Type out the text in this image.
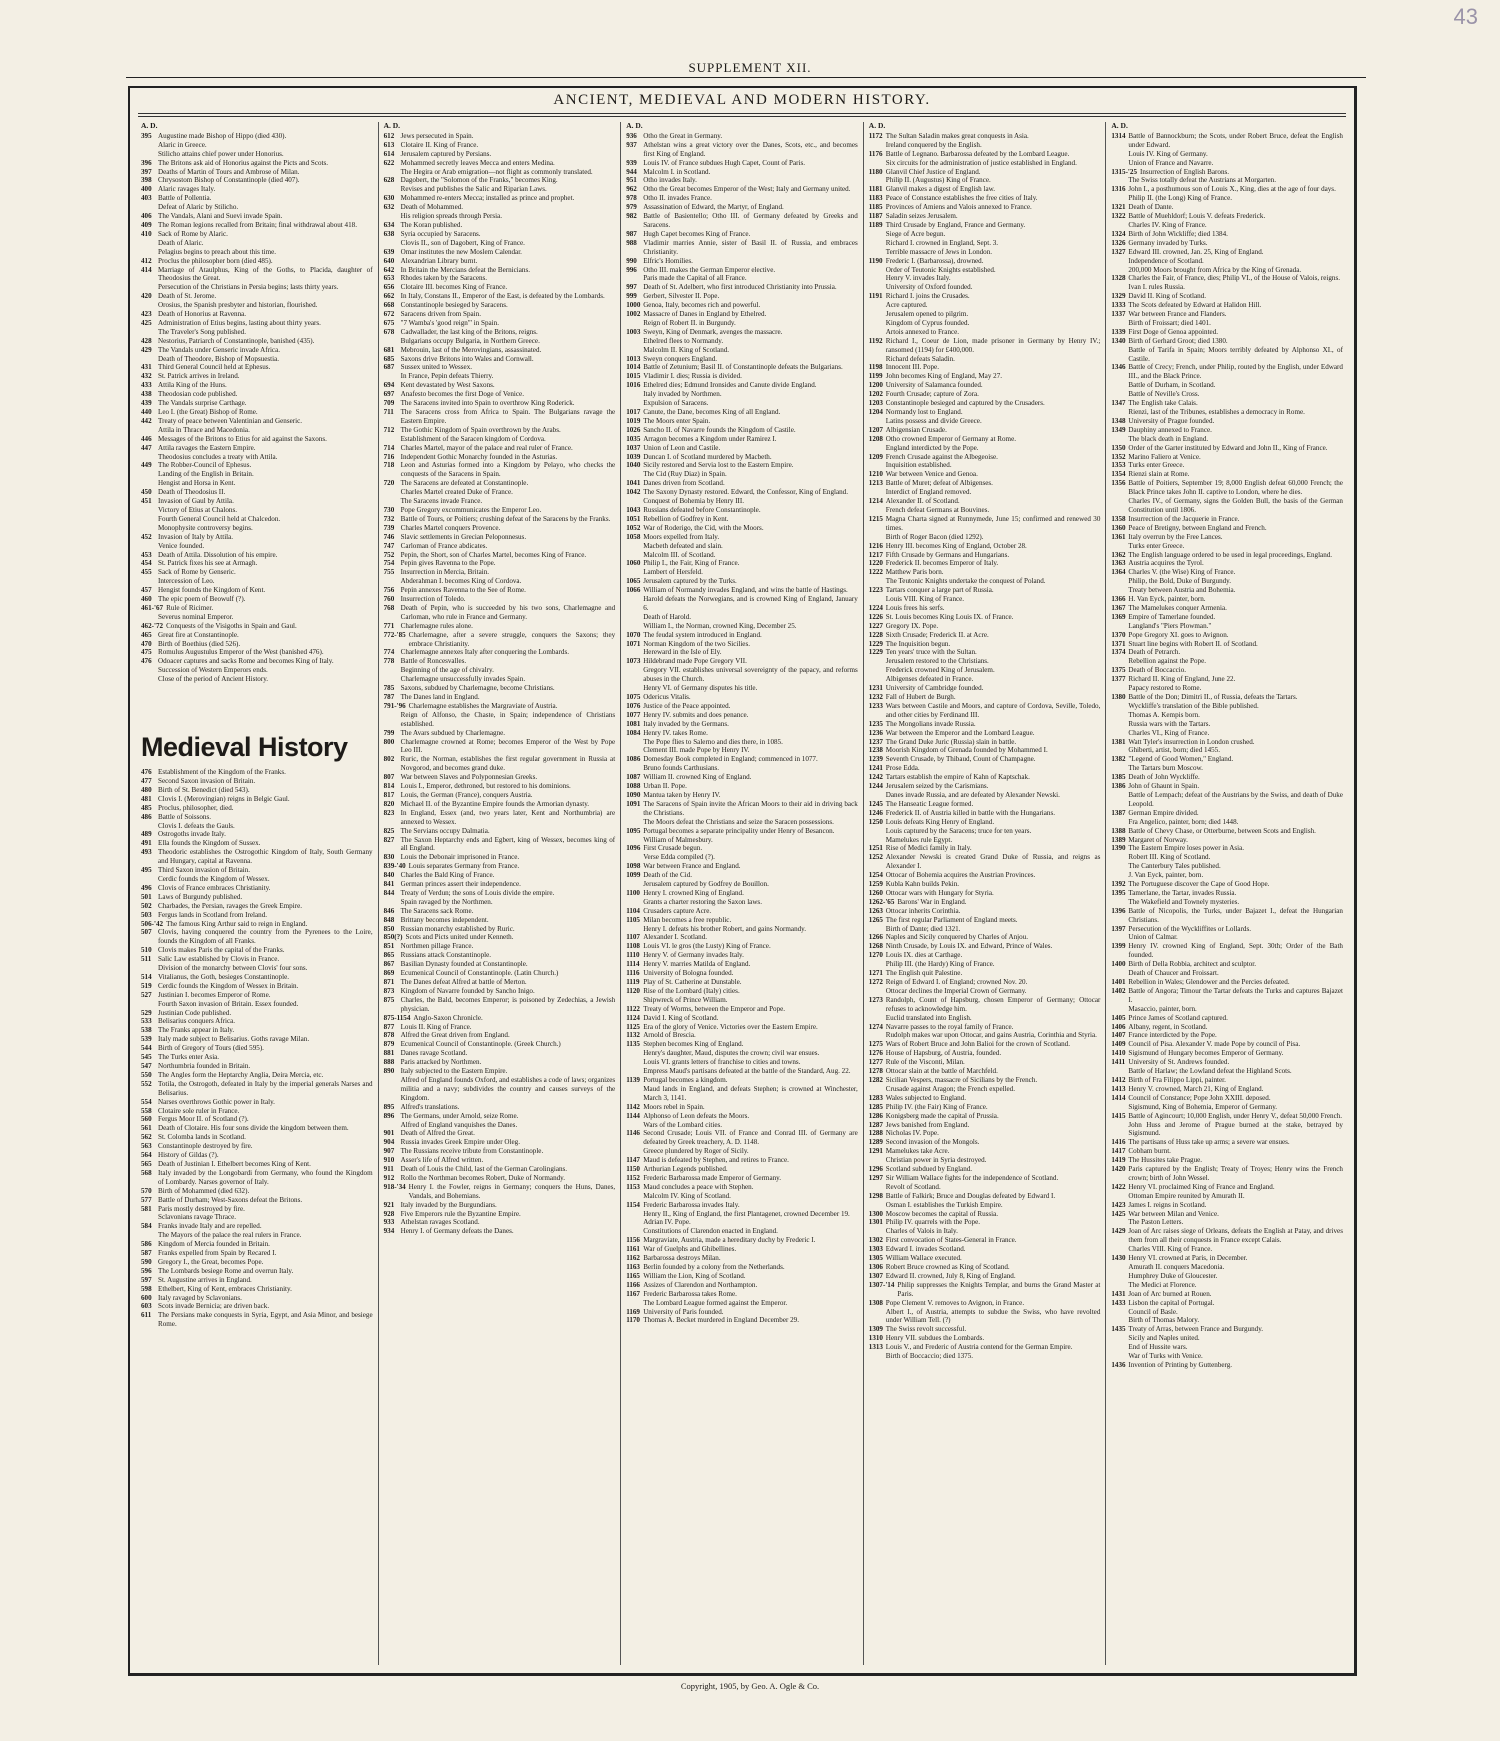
43
SUPPLEMENT XII.
ANCIENT, MEDIEVAL AND MODERN HISTORY.
A. D.
395 Augustine made Bishop of Hippo (died 430).
Alaric in Greece.
Stilicho attains chief power under Honorius.
396 The Britons ask aid of Honorius against the Picts and Scots.
397 Deaths of Martin of Tours and Ambrose of Milan.
398 Chrysostom Bishop of Constantinople (died 407).
400 Alaric ravages Italy.
403 Battle of Pollentia.
Defeat of Alaric by Stilicho.
406 The Vandals, Alani and Suevi invade Spain.
409 The Roman legions recalled from Britain; final withdrawal about 418.
410 Sack of Rome by Alaric.
Death of Alaric.
Pelagius begins to preach about this time.
412 Proclus the philosopher born (died 485).
414 Marriage of Ataulphus, King of the Goths, to Placida, daughter of Theodosius the Great.
Persecution of the Christians in Persia begins; lasts thirty years.
420 Death of St. Jerome.
Orosius, the Spanish presbyter and historian, flourished.
423 Death of Honorius at Ravenna.
425 Administration of Etius begins, lasting about thirty years.
The Traveler's Song published.
428 Nestorius, Patriarch of Constantinople, banished (435).
429 The Vandals under Genseric invade Africa.
Death of Theodore, Bishop of Mopsuestia.
431 Third General Council held at Ephesus.
432 St. Patrick arrives in Ireland.
433 Attila King of the Huns.
438 Theodosian code published.
439 The Vandals surprise Carthage.
440 Leo I. (the Great) Bishop of Rome.
442 Treaty of peace between Valentinian and Genseric.
Attila in Thrace and Macedonia.
446 Messages of the Britons to Etius for aid against the Saxons.
447 Attila ravages the Eastern Empire.
Theodosius concludes a treaty with Attila.
449 The Robber-Council of Ephesus.
Landing of the English in Britain.
Hengist and Horsa in Kent.
450 Death of Theodosius II.
451 Invasion of Gaul by Attila.
Victory of Etius at Chalons.
Fourth General Council held at Chalcedon.
Monophysite controversy begins.
452 Invasion of Italy by Attila.
Venice founded.
453 Death of Attila. Dissolution of his empire.
454 St. Patrick fixes his see at Armagh.
455 Sack of Rome by Genseric.
Intercession of Leo.
457 Hengist founds the Kingdom of Kent.
460 The epic poem of Beowulf (?).
461-'67 Rule of Ricimer.
Severus nominal Emperor.
462-'72 Conquests of the Visigoths in Spain and Gaul.
465 Great fire at Constantinople.
470 Birth of Boethius (died 526).
475 Romulus Augustulus Emperor of the West (banished 476).
476 Odoacer captures and sacks Rome and becomes King of Italy.
Succession of Western Emperors ends.
Close of the period of Ancient History.
Medieval History
476 Establishment of the Kingdom of the Franks.
477 Second Saxon invasion of Britain.
480 Birth of St. Benedict (died 543).
481 Clovis I. (Merovingian) reigns in Belgic Gaul.
485 Proclus, philosopher, died.
486 Battle of Soissons.
Clovis I. defeats the Gauls.
489 Ostrogoths invade Italy.
491 Ella founds the Kingdom of Sussex.
493 Theodoric establishes the Ostrogothic Kingdom of Italy, South Germany and Hungary, capital at Ravenna.
495 Third Saxon invasion of Britain.
Cerdic founds the Kingdom of Wessex.
496 Clovis of France embraces Christianity.
501 Laws of Burgundy published.
502 Charbades, the Persian, ravages the Greek Empire.
503 Fergus lands in Scotland from Ireland.
506-'42 The famous King Arthur said to reign in England.
507 Clovis, having conquered the country from the Pyrenees to the Loire, founds the Kingdom of all Franks.
510 Clovis makes Paris the capital of the Franks.
511 Salic Law established by Clovis in France.
Division of the monarchy between Clovis' four sons.
514 Vitalianus, the Goth, besieges Constantinople.
519 Cerdic founds the Kingdom of Wessex in Britain.
527 Justinian I. becomes Emperor of Rome.
Fourth Saxon invasion of Britain. Essex founded.
529 Justinian Code published.
533 Belisarius conquers Africa.
538 The Franks appear in Italy.
539 Italy made subject to Belisarius. Goths ravage Milan.
544 Birth of Gregory of Tours (died 595).
545 The Turks enter Asia.
547 Northumbria founded in Britain.
550 The Angles form the Heptarchy Anglia, Deira Mercia, etc.
552 Totila, the Ostrogoth, defeated in Italy by the imperial generals Narses and Belisarius.
554 Narses overthrows Gothic power in Italy.
558 Clotaire sole ruler in France.
560 Fergus Moor II. of Scotland (?).
561 Death of Clotaire. His four sons divide the kingdom between them.
562 St. Colomba lands in Scotland.
563 Constantinople destroyed by fire.
564 History of Gildas (?).
565 Death of Justinian I. Ethelbert becomes King of Kent.
568 Italy invaded by the Longobardi from Germany, who found the Kingdom of Lombardy. Narses governor of Italy.
570 Birth of Mohammed (died 632).
577 Battle of Durham; West-Saxons defeat the Britons.
581 Paris mostly destroyed by fire.
Sclavonians ravage Thrace.
584 Franks invade Italy and are repelled.
The Mayors of the palace the real rulers in France.
586 Kingdom of Mercia founded in Britain.
587 Franks expelled from Spain by Recared I.
590 Gregory I., the Great, becomes Pope.
596 The Lombards besiege Rome and overrun Italy.
597 St. Augustine arrives in England.
598 Ethelbert, King of Kent, embraces Christianity.
600 Italy ravaged by Sclavonians.
603 Scots invade Bernicia; are driven back.
611 The Persians make conquests in Syria, Egypt, and Asia Minor, and besiege Rome.
A. D.
612 Jews persecuted in Spain.
613 Clotaire II. King of France.
614 Jerusalem captured by Persians.
622 Mohammed secretly leaves Mecca and enters Medina.
The Hegira or Arab emigration—not flight as commonly translated.
628 Dagobert, the "Solomon of the Franks," becomes King.
Revises and publishes the Salic and Riparian Laws.
630 Mohammed re-enters Mecca; installed as prince and prophet.
632 Death of Mohammed.
His religion spreads through Persia.
634 The Koran published.
638 Syria occupied by Saracens.
Clovis II., son of Dagobert, King of France.
639 Omar institutes the new Moslem Calendar.
640 Alexandrian Library burnt.
642 In Britain the Mercians defeat the Bernicians.
653 Rhodes taken by the Saracens.
656 Clotaire III. becomes King of France.
662 In Italy, Constans II., Emperor of the East, is defeated by the Lombards.
668 Constantinople besieged by Saracens.
672 Saracens driven from Spain.
675 "7 Wamba's 'good reign'" in Spain.
678 Cadwallader, the last king of the Britons, reigns.
Bulgarians occupy Bulgaria, in Northern Greece.
681 Mebrouin, last of the Merovingians, assassinated.
685 Saxons drive Britons into Wales and Cornwall.
687 Sussex united to Wessex.
In France, Pepin defeats Thierry.
694 Kent devastated by West Saxons.
697 Anafesto becomes the first Doge of Venice.
709 The Saracens invited into Spain to overthrow King Roderick.
711 The Saracens cross from Africa to Spain. The Bulgarians ravage the Eastern Empire.
712 The Gothic Kingdom of Spain overthrown by the Arabs.
Establishment of the Saracen kingdom of Cordova.
714 Charles Martel, mayor of the palace and real ruler of France.
716 Independent Gothic Monarchy founded in the Asturias.
718 Leon and Asturias formed into a Kingdom by Pelayo, who checks the conquests of the Saracens in Spain.
720 The Saracens are defeated at Constantinople.
Charles Martel created Duke of France.
The Saracens invade France.
730 Pope Gregory excommunicates the Emperor Leo.
732 Battle of Tours, or Poitiers; crushing defeat of the Saracens by the Franks.
739 Charles Martel conquers Provence.
746 Slavic settlements in Grecian Peloponnesus.
747 Carloman of France abdicates.
752 Pepin, the Short, son of Charles Martel, becomes King of France.
754 Pepin gives Ravenna to the Pope.
755 Insurrection in Mercia, Britain.
Abderahman I. becomes King of Cordova.
756 Pepin annexes Ravenna to the See of Rome.
760 Insurrection of Toledo.
768 Death of Pepin, who is succeeded by his two sons, Charlemagne and Carloman, who rule in France and Germany.
771 Charlemagne rules alone.
772-'85 Charlemagne, after a severe struggle, conquers the Saxons; they embrace Christianity.
774 Charlemagne annexes Italy after conquering the Lombards.
778 Battle of Roncesvalles.
Beginning of the age of chivalry.
Charlemagne unsuccessfully invades Spain.
785 Saxons, subdued by Charlemagne, become Christians.
787 The Danes land in England.
791-'96 Charlemagne establishes the Margraviate of Austria.
Reign of Alfonso, the Chaste, in Spain; independence of Christians established.
799 The Avars subdued by Charlemagne.
800 Charlemagne crowned at Rome; becomes Emperor of the West by Pope Leo III.
802 Ruric, the Norman, establishes the first regular government in Russia at Novgorod, and becomes grand duke.
807 War between Slaves and Polyponnesian Greeks.
814 Louis I., Emperor, dethroned, but restored to his dominions.
817 Louis, the German (France), conquers Austria.
820 Michael II. of the Byzantine Empire founds the Armorian dynasty.
823 In England, Essex (and, two years later, Kent and Northumbria) are annexed to Wessex.
825 The Servians occupy Dalmatia.
827 The Saxon Heptarchy ends and Egbert, king of Wessex, becomes king of all England.
830 Louis the Debonair imprisoned in France.
839-'40 Louis separates Germany from France.
840 Charles the Bald King of France.
841 German princes assert their independence.
844 Treaty of Verdun; the sons of Louis divide the empire.
Spain ravaged by the Northmen.
846 The Saracens sack Rome.
848 Brittany becomes independent.
850 Russian monarchy established by Ruric.
850(?) Scots and Picts united under Kenneth.
851 Northmen pillage France.
865 Russians attack Constantinople.
867 Basilian Dynasty founded at Constantinople.
869 Ecumenical Council of Constantinople. (Latin Church.)
871 The Danes defeat Alfred at battle of Merton.
873 Kingdom of Navarre founded by Sancho Inigo.
875 Charles, the Bald, becomes Emperor; is poisoned by Zedechias, a Jewish physician.
875-1154 Anglo-Saxon Chronicle.
877 Louis II. King of France.
878 Alfred the Great driven from England.
879 Ecumenical Council of Constantinople. (Greek Church.)
881 Danes ravage Scotland.
888 Paris attacked by Northmen.
890 Italy subjected to the Eastern Empire.
Alfred of England founds Oxford, and establishes a code of laws; organizes militia and a navy; subdivides the country and causes surveys of the Kingdom.
895 Alfred's translations.
896 The Germans, under Arnold, seize Rome.
Alfred of England vanquishes the Danes.
901 Death of Alfred the Great.
904 Russia invades Greek Empire under Oleg.
907 The Russians receive tribute from Constantinople.
910 Asser's life of Alfred written.
911 Death of Louis the Child, last of the German Carolingians.
912 Rollo the Northman becomes Robert, Duke of Normandy.
918-'34 Henry I. the Fowler, reigns in Germany; conquers the Huns, Danes, Vandals, and Bohemians.
921 Italy invaded by the Burgundians.
928 Five Emperors rule the Byzantine Empire.
933 Athelstan ravages Scotland.
934 Henry I. of Germany defeats the Danes.
A. D.
936 Otho the Great in Germany.
937 Athelstan wins a great victory over the Danes, Scots, etc., and becomes first King of England.
939 Louis IV. of France subdues Hugh Capet, Count of Paris.
944 Malcolm I. in Scotland.
951 Otho invades Italy.
962 Otho the Great becomes Emperor of the West; Italy and Germany united.
978 Otho II. invades France.
979 Assassination of Edward, the Martyr, of England.
982 Battle of Basientello; Otho III. of Germany defeated by Greeks and Saracens.
987 Hugh Capet becomes King of France.
988 Vladimir marries Annie, sister of Basil II. of Russia, and embraces Christianity.
990 Elfric's Homilies.
996 Otho III. makes the German Emperor elective.
Paris made the Capital of all France.
997 Death of St. Adelbert, who first introduced Christianity into Prussia.
999 Gerbert, Silvester II. Pope.
1000 Genoa, Italy, becomes rich and powerful.
1002 Massacre of Danes in England by Ethelred.
Reign of Robert II. in Burgundy.
1003 Sweyn, King of Denmark, avenges the massacre.
Ethelred flees to Normandy.
Malcolm II. King of Scotland.
1013 Sweyn conquers England.
1014 Battle of Zetunium; Basil II. of Constantinople defeats the Bulgarians.
1015 Vladimir I. dies; Russia is divided.
1016 Ethelred dies; Edmund Ironsides and Canute divide England.
Italy invaded by Northmen.
Expulsion of Saracens.
1017 Canute, the Dane, becomes King of all England.
1019 The Moors enter Spain.
1026 Sancho II. of Navarre founds the Kingdom of Castile.
1035 Arragon becomes a Kingdom under Ramirez I.
1037 Union of Leon and Castile.
1039 Duncan I. of Scotland murdered by Macbeth.
1040 Sicily restored and Servia lost to the Eastern Empire.
The Cid (Ruy Diaz) in Spain.
1041 Danes driven from Scotland.
1042 The Saxony Dynasty restored. Edward, the Confessor, King of England.
Conquest of Bohemia by Henry III.
1043 Russians defeated before Constantinople.
1051 Rebellion of Godfrey in Kent.
1052 War of Roderigo, the Cid, with the Moors.
1058 Moors expelled from Italy.
Macbeth defeated and slain.
Malcolm III. of Scotland.
1060 Philip I., the Fair, King of France.
Lambert of Hersfeld.
1065 Jerusalem captured by the Turks.
1066 William of Normandy invades England, and wins the battle of Hastings.
Harold defeats the Norwegians, and is crowned King of England, January 6.
Death of Harold.
William I., the Norman, crowned King, December 25.
1070 The feudal system introduced in England.
1071 Norman Kingdom of the two Sicilies.
Hereward in the Isle of Ely.
1073 Hildebrand made Pope Gregory VII.
Gregory VII. establishes universal sovereignty of the papacy, and reforms abuses in the Church.
Henry VI. of Germany disputes his title.
1075 Odericus Vitalis.
1076 Justice of the Peace appointed.
1077 Henry IV. submits and does penance.
1081 Italy invaded by the Germans.
1084 Henry IV. takes Rome.
The Pope flies to Salerno and dies there, in 1085.
Clement III. made Pope by Henry IV.
1086 Domesday Book completed in England; commenced in 1077.
Bruno founds Carthusians.
1087 William II. crowned King of England.
1088 Urban II. Pope.
1090 Mantua taken by Henry IV.
1091 The Saracens of Spain invite the African Moors to their aid in driving back the Christians.
The Moors defeat the Christians and seize the Saracen possessions.
1095 Portugal becomes a separate principality under Henry of Besancon.
William of Malmesbury.
1096 First Crusade begun.
Verse Edda compiled (?).
1098 War between France and England.
1099 Death of the Cid.
Jerusalem captured by Godfrey de Bouillon.
1100 Henry I. crowned King of England.
Grants a charter restoring the Saxon laws.
1104 Crusaders capture Acre.
1105 Milan becomes a free republic.
Henry I. defeats his brother Robert, and gains Normandy.
1107 Alexander I. Scotland.
1108 Louis VI. le gros (the Lusty) King of France.
1110 Henry V. of Germany invades Italy.
1114 Henry V. marries Matilda of England.
1116 University of Bologna founded.
1119 Play of St. Catherine at Dunstable.
1120 Rise of the Lombard (Italy) cities.
Shipwreck of Prince William.
1122 Treaty of Worms, between the Emperor and Pope.
1124 David I. King of Scotland.
1125 Era of the glory of Venice. Victories over the Eastern Empire.
1132 Arnold of Brescia.
1135 Stephen becomes King of England.
Henry's daughter, Maud, disputes the crown; civil war ensues.
Louis VI. grants letters of franchise to cities and towns.
Empress Maud's partisans defeated at the battle of the Standard, Aug. 22.
1139 Portugal becomes a kingdom.
Maud lands in England, and defeats Stephen; is crowned at Winchester, March 3, 1141.
1142 Moors rebel in Spain.
1144 Alphonso of Leon defeats the Moors.
Wars of the Lombard cities.
1146 Second Crusade; Louis VII. of France and Conrad III. of Germany are defeated by Greek treachery, A. D. 1148.
Greece plundered by Roger of Sicily.
1147 Maud is defeated by Stephen, and retires to France.
1150 Arthurian Legends published.
1152 Frederic Barbarossa made Emperor of Germany.
1153 Maud concludes a peace with Stephen.
Malcolm IV. King of Scotland.
1154 Frederic Barbarossa invades Italy.
Henry II., King of England, the first Plantagenet, crowned December 19.
Adrian IV. Pope.
Constitutions of Clarendon enacted in England.
1156 Margraviate, Austria, made a hereditary duchy by Frederic I.
1161 War of Guelphs and Ghibellines.
1162 Barbarossa destroys Milan.
1163 Berlin founded by a colony from the Netherlands.
1165 William the Lion, King of Scotland.
1166 Assizes of Clarendon and Northampton.
1167 Frederic Barbarossa takes Rome.
The Lombard League formed against the Emperor.
1169 University of Paris founded.
1170 Thomas A. Becket murdered in England December 29.
A. D.
1172 The Sultan Saladin makes great conquests in Asia.
Ireland conquered by the English.
1176 Battle of Legnano. Barbarossa defeated by the Lombard League.
Six circuits for the administration of justice established in England.
1180 Glanvil Chief Justice of England.
Philip II. (Augustus) King of France.
1181 Glanvil makes a digest of English law.
1183 Peace of Constance establishes the free cities of Italy.
1185 Provinces of Amiens and Valois annexed to France.
1187 Saladin seizes Jerusalem.
1189 Third Crusade by England, France and Germany.
Siege of Acre begun.
Richard I. crowned in England, Sept. 3.
Terrible massacre of Jews in London.
1190 Frederic I. (Barbarossa), drowned.
Order of Teutonic Knights established.
Henry V. invades Italy.
University of Oxford founded.
1191 Richard I. joins the Crusades.
Acre captured.
Jerusalem opened to pilgrim.
Kingdom of Cyprus founded.
Artois annexed to France.
1192 Richard I., Coeur de Lion, made prisoner in Germany by Henry IV.; ransomed (1194) for £400,000.
Richard defeats Saladin.
1198 Innocent III. Pope.
1199 John becomes King of England, May 27.
1200 University of Salamanca founded.
1202 Fourth Crusade; capture of Zora.
1203 Constantinople besieged and captured by the Crusaders.
1204 Normandy lost to England.
Latins possess and divide Greece.
1207 Albigensian Crusade.
1208 Otho crowned Emperor of Germany at Rome.
England interdicted by the Pope.
1209 French Crusade against the Albegeoise.
Inquisition established.
1210 War between Venice and Genoa.
1213 Battle of Muret; defeat of Albigenses.
Interdict of England removed.
1214 Alexander II. of Scotland.
French defeat Germans at Bouvines.
1215 Magna Charta signed at Runnymede, June 15; confirmed and renewed 30 times.
Birth of Roger Bacon (died 1292).
1216 Henry III. becomes King of England, October 28.
1217 Fifth Crusade by Germans and Hungarians.
1220 Frederick II. becomes Emperor of Italy.
1222 Matthew Paris born.
The Teutonic Knights undertake the conquest of Poland.
1223 Tartars conquer a large part of Russia.
Louis VIII. King of France.
1224 Louis frees his serfs.
1226 St. Louis becomes King Louis IX. of France.
1227 Gregory IX. Pope.
1228 Sixth Crusade; Frederick II. at Acre.
1229 The Inquisition begun.
1229 Ten years' truce with the Sultan.
Jerusalem restored to the Christians.
Frederick crowned King of Jerusalem.
Albigenses defeated in France.
1231 University of Cambridge founded.
1232 Fall of Hubert de Burgh.
1233 Wars between Castile and Moors, and capture of Cordova, Seville, Toledo, and other cities by Ferdinand III.
1235 The Mongolians invade Russia.
1236 War between the Emperor and the Lombard League.
1237 The Grand Duke Juric (Russia) slain in battle.
1238 Moorish Kingdom of Grenada founded by Mohammed I.
1239 Seventh Crusade, by Thibaud, Count of Champagne.
1241 Prose Edda.
1242 Tartars establish the empire of Kahn of Kaptschak.
1244 Jerusalem seized by the Carismians.
Danes invade Russia, and are defeated by Alexander Newski.
1245 The Hanseatic League formed.
1246 Frederick II. of Austria killed in battle with the Hungarians.
1250 Louis defeats King Henry of England.
Louis captured by the Saracens; truce for ten years.
Mamelukes rule Egypt.
1251 Rise of Medici family in Italy.
1252 Alexander Newski is created Grand Duke of Russia, and reigns as Alexander I.
1254 Ottocar of Bohemia acquires the Austrian Provinces.
1259 Kubla Kahn builds Pekin.
1260 Ottocar wars with Hungary for Styria.
1262-'65 Barons' War in England.
1263 Ottocar inherits Corinthia.
1265 The first regular Parliament of England meets.
Birth of Dante; died 1321.
1266 Naples and Sicily conquered by Charles of Anjou.
1268 Ninth Crusade, by Louis IX. and Edward, Prince of Wales.
1270 Louis IX. dies at Carthage.
Philip III. (the Hardy) King of France.
1271 The English quit Palestine.
1272 Reign of Edward I. of England; crowned Nov. 20.
Ottocar declines the Imperial Crown of Germany.
1273 Randolph, Count of Hapsburg, chosen Emperor of Germany; Ottocar refuses to acknowledge him.
Euclid translated into English.
1274 Navarre passes to the royal family of France.
Rudolph makes war upon Ottocar, and gains Austria, Corinthia and Styria.
1275 Wars of Robert Bruce and John Balioi for the crown of Scotland.
1276 House of Hapsburg, of Austria, founded.
1277 Rule of the Visconti, Milan.
1278 Ottocar slain at the battle of Marchfeld.
1282 Sicilian Vespers, massacre of Sicilians by the French.
Crusade against Aragon; the French expelled.
1283 Wales subjected to England.
1285 Philip IV. (the Fair) King of France.
1286 Konigsberg made the capital of Prussia.
1287 Jews banished from England.
1288 Nicholas IV. Pope.
1289 Second invasion of the Mongols.
1291 Mamelukes take Acre.
Christian power in Syria destroyed.
1296 Scotland subdued by England.
1297 Sir William Wallace fights for the independence of Scotland.
Revolt of Scotland.
1298 Battle of Falkirk; Bruce and Douglas defeated by Edward I.
Osman I. establishes the Turkish Empire.
1300 Moscow becomes the capital of Russia.
1301 Philip IV. quarrels with the Pope.
Charles of Valois in Italy.
1302 First convocation of States-General in France.
1303 Edward I. invades Scotland.
1305 William Wallace executed.
1306 Robert Bruce crowned as King of Scotland.
1307 Edward II. crowned, July 8, King of England.
1307-'14 Philip suppresses the Knights Templar, and burns the Grand Master at Paris.
1308 Pope Clement V. removes to Avignon, in France.
Albert I., of Austria, attempts to subdue the Swiss, who have revolted under William Tell. (?)
1309 The Swiss revolt successful.
1310 Henry VII. subdues the Lombards.
1313 Louis V., and Frederic of Austria contend for the German Empire.
Birth of Boccaccio; died 1375.
A. D.
1314 Battle of Bannockburn; the Scots, under Robert Bruce, defeat the English under Edward.
Louis IV. King of Germany.
Union of France and Navarre.
1315-'25 Insurrection of English Barons.
The Swiss totally defeat the Austrians at Morgarten.
1316 John I., a posthumous son of Louis X., King, dies at the age of four days.
Philip II. (the Long) King of France.
1321 Death of Dante.
1322 Battle of Muehldorf; Louis V. defeats Frederick.
Charles IV. King of France.
1324 Birth of John Wickliffe; died 1384.
1326 Germany invaded by Turks.
1327 Edward III. crowned, Jan. 25, King of England.
Independence of Scotland.
200,000 Moors brought from Africa by the King of Grenada.
1328 Charles the Fair, of France, dies; Philip VI., of the House of Valois, reigns.
Ivan I. rules Russia.
1329 David II. King of Scotland.
1333 The Scots defeated by Edward at Halidon Hill.
1337 War between France and Flanders.
Birth of Froissart; died 1401.
1339 First Doge of Genoa appointed.
1340 Birth of Gerhard Groot; died 1380.
Battle of Tarifa in Spain; Moors terribly defeated by Alphonso XI., of Castile.
1346 Battle of Crecy; French, under Philip, routed by the English, under Edward III., and the Black Prince.
Battle of Durham, in Scotland.
Battle of Neville's Cross.
1347 The English take Calais.
Rienzi, last of the Tribunes, establishes a democracy in Rome.
1348 University of Prague founded.
1349 Dauphiny annexed to France.
The black death in England.
1350 Order of the Garter instituted by Edward and John II., King of France.
1352 Marino Faliero at Venice.
1353 Turks enter Greece.
1354 Rienzi slain at Rome.
1356 Battle of Poitiers, September 19; 8,000 English defeat 60,000 French; the Black Prince takes John II. captive to London, where he dies.
Charles IV., of Germany, signs the Golden Bull, the basis of the German Constitution until 1806.
1358 Insurrection of the Jacquerie in France.
1360 Peace of Bretigny, between England and French.
1361 Italy overrun by the Free Lances.
Turks enter Greece.
1362 The English language ordered to be used in legal proceedings, England.
1363 Austria acquires the Tyrol.
1364 Charles V. (the Wise) King of France.
Philip, the Bold, Duke of Burgundy.
Treaty between Austria and Bohemia.
1366 H. Van Eyck, painter, born.
1367 The Mamelukes conquer Armenia.
1369 Empire of Tamerlane founded.
Langland's "Piers Plowman."
1370 Pope Gregory XI. goes to Avignon.
1371 Stuart line begins with Robert II. of Scotland.
1374 Death of Petrarch.
Rebellion against the Pope.
1375 Death of Boccaccio.
1377 Richard II. King of England, June 22.
Papacy restored to Rome.
1380 Battle of the Don; Dimitri II., of Russia, defeats the Tartars.
Wyckliffe's translation of the Bible published.
Thomas A. Kempis born.
Russia wars with the Tartars.
Charles VI., King of France.
1381 Watt Tyler's insurrection in London crushed.
Ghiberti, artist, born; died 1455.
1382 "Legend of Good Women," England.
The Tartars burn Moscow.
1385 Death of John Wyckliffe.
1386 John of Ghaunt in Spain.
Battle of Lempach; defeat of the Austrians by the Swiss, and death of Duke Leopold.
1387 German Empire divided.
Fra Angelico, painter, born; died 1448.
1388 Battle of Chevy Chase, or Otterburne, between Scots and English.
1389 Margaret of Norway.
1390 The Eastern Empire loses power in Asia.
Robert III. King of Scotland.
The Canterbury Tales published.
J. Van Eyck, painter, born.
1392 The Portuguese discover the Cape of Good Hope.
1395 Tamerlane, the Tartar, invades Russia.
The Wakefield and Townely mysteries.
1396 Battle of Nicopolis, the Turks, under Bajazet I., defeat the Hungarian Christians.
1397 Persecution of the Wyckliffites or Lollards.
Union of Calmar.
1399 Henry IV. crowned King of England, Sept. 30th; Order of the Bath founded.
1400 Birth of Della Robbia, architect and sculptor.
Death of Chaucer and Froissart.
1401 Rebellion in Wales; Glendower and the Percies defeated.
1402 Battle of Angora; Timour the Tartar defeats the Turks and captures Bajazet I.
Masaccio, painter, born.
1405 Prince James of Scotland captured.
1406 Albany, regent, in Scotland.
1407 France interdicted by the Pope.
1409 Council of Pisa. Alexander V. made Pope by council of Pisa.
1410 Sigismund of Hungary becomes Emperor of Germany.
1411 University of St. Andrews founded.
Battle of Harlaw; the Lowland defeat the Highland Scots.
1412 Birth of Fra Filippo Lippi, painter.
1413 Henry V. crowned, March 21, King of England.
1414 Council of Constance; Pope John XXIII. deposed.
Sigismund, King of Bohemia, Emperor of Germany.
1415 Battle of Agincourt; 10,000 English, under Henry V., defeat 50,000 French.
John Huss and Jerome of Prague burned at the stake, betrayed by Sigismund.
1416 The partisans of Huss take up arms; a severe war ensues.
1417 Cobham burnt.
1419 The Hussites take Prague.
1420 Paris captured by the English; Treaty of Troyes; Henry wins the French crown; birth of John Wessel.
1422 Henry VI. proclaimed King of France and England.
Ottoman Empire reunited by Amurath II.
1423 James I. reigns in Scotland.
1425 War between Milan and Venice.
The Paston Letters.
1429 Joan of Arc raises siege of Orleans, defeats the English at Patay, and drives them from all their conquests in France except Calais.
Charles VIII. King of France.
1430 Henry VI. crowned at Paris, in December.
Amurath II. conquers Macedonia.
Humphrey Duke of Gloucester.
The Medici at Florence.
1431 Joan of Arc burned at Rouen.
1433 Lisbon the capital of Portugal.
Council of Basle.
Birth of Thomas Malory.
1435 Treaty of Arras, between France and Burgundy.
Sicily and Naples united.
End of Hussite wars.
War of Turks with Venice.
1436 Invention of Printing by Guttenberg.
Copyright, 1905, by Geo. A. Ogle & Co.
